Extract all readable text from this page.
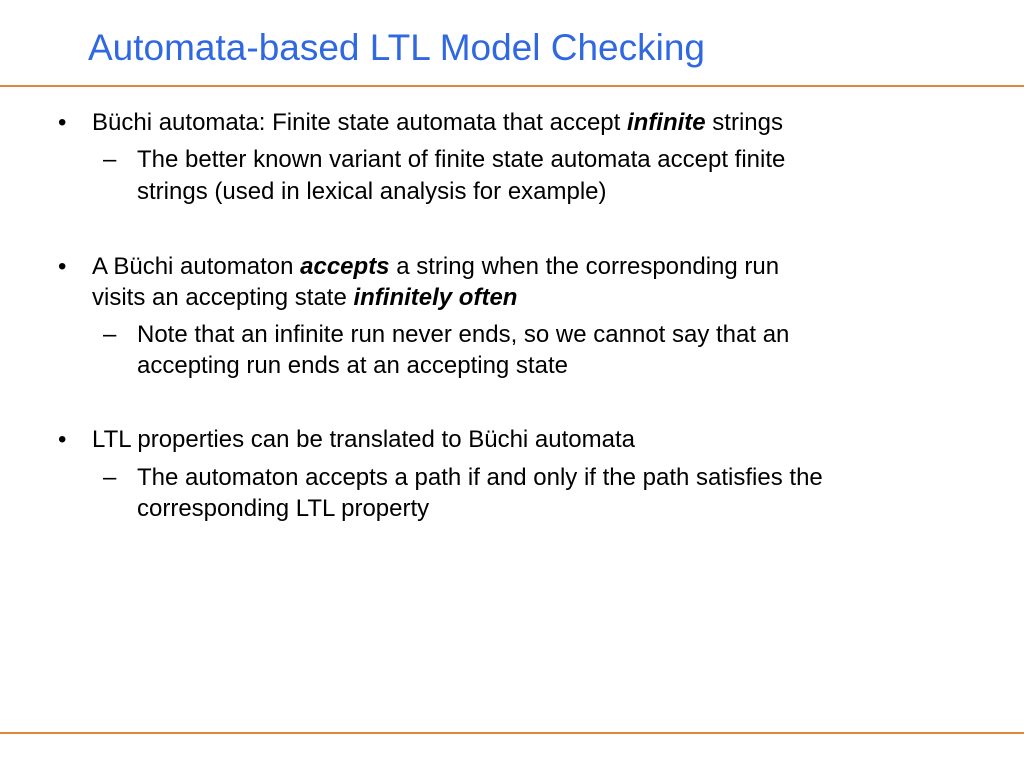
Automata-based LTL Model Checking
• Büchi automata: Finite state automata that accept infinite strings
– The better known variant of finite state automata accept finite
strings (used in lexical analysis for example)
• A Büchi automaton accepts a string when the corresponding run
visits an accepting state infinitely often
– Note that an infinite run never ends, so we cannot say that an
accepting run ends at an accepting state
• LTL properties can be translated to Büchi automata
– The automaton accepts a path if and only if the path satisfies the
corresponding LTL property
